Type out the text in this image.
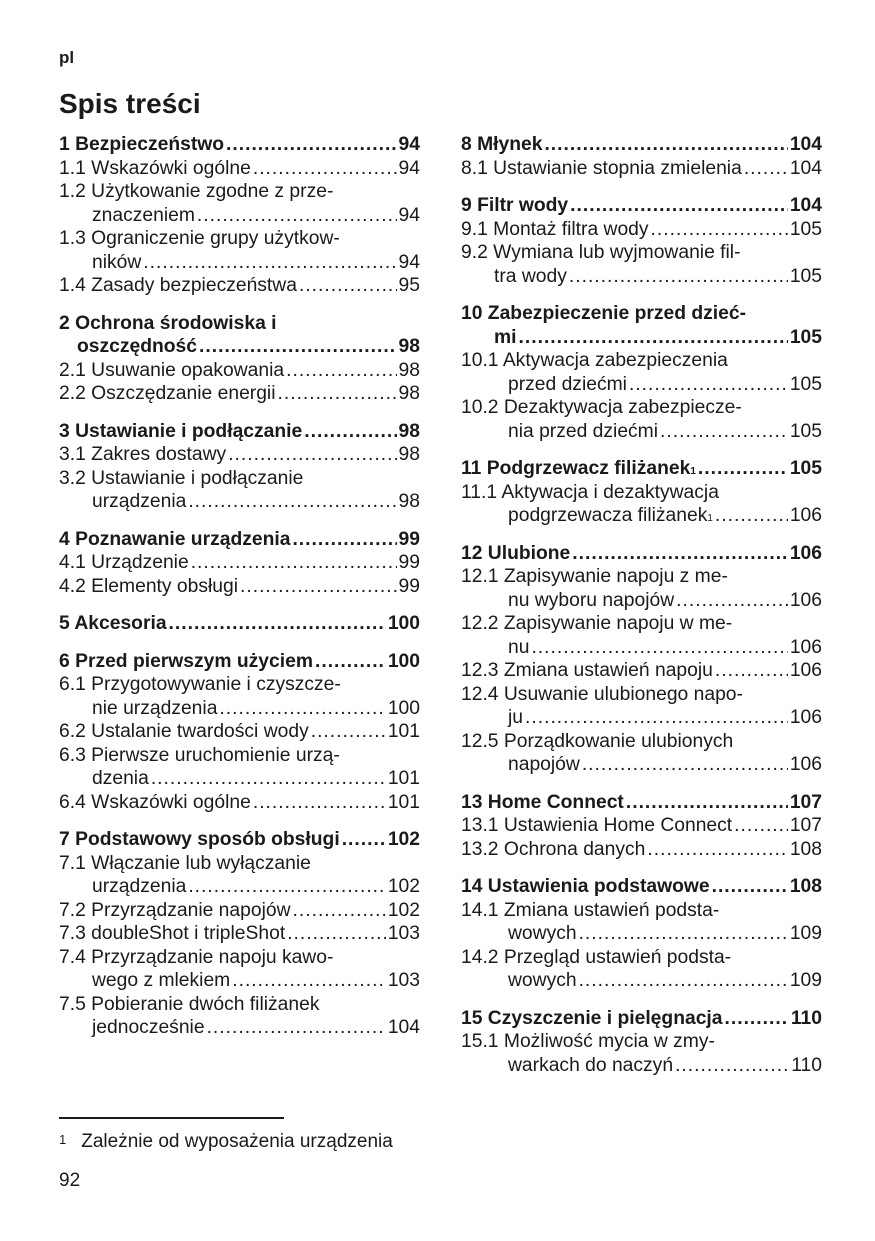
pl
Spis treści
1 Bezpieczeństwo .....	94
1.1 Wskazówki ogólne .....	94
1.2 Użytkowanie zgodne z prze-
znaczeniem .....	94
1.3 Ograniczenie grupy użytkow-
ników .....	94
1.4 Zasady bezpieczeństwa .....	95
2 Ochrona środowiska i
oszczędność .....	98
2.1 Usuwanie opakowania .....	98
2.2 Oszczędzanie energii .....	98
3 Ustawianie i podłączanie .....	98
3.1 Zakres dostawy .....	98
3.2 Ustawianie i podłączanie
urządzenia .....	98
4 Poznawanie urządzenia .....	99
4.1 Urządzenie .....	99
4.2 Elementy obsługi .....	99
5 Akcesoria .....	100
6 Przed pierwszym użyciem .....	100
6.1 Przygotowywanie i czyszcze-
nie urządzenia .....	100
6.2 Ustalanie twardości wody .....	101
6.3 Pierwsze uruchomienie urzą-
dzenia .....	101
6.4 Wskazówki ogólne .....	101
7 Podstawowy sposób obsługi ..... 102
7.1 Włączanie lub wyłączanie
urządzenia .....	102
7.2 Przyrządzanie napojów .....	102
7.3 doubleShot i tripleShot .....	103
7.4 Przyrządzanie napoju kawo-
wego z mlekiem .....	103
7.5 Pobieranie dwóch filiżanek
jednocześnie .....	104
8 Młynek .....	104
8.1 Ustawianie stopnia zmielenia ..... 104
9 Filtr wody .....	104
9.1 Montaż filtra wody .....	105
9.2 Wymiana lub wyjmowanie fil-
tra wody .....	105
10 Zabezpieczenie przed dzieć-
mi .....	105
10.1 Aktywacja zabezpieczenia
przed dziećmi .....	105
10.2 Dezaktywacja zabezpiecze-
nia przed dziećmi .....	105
11 Podgrzewacz filiżanek 1 .....	105
11.1 Aktywacja i dezaktywacja
podgrzewacza filiżanek 1 .....	106
12 Ulubione .....	106
12.1 Zapisywanie napoju z me-
nu wyboru napojów .....	106
12.2 Zapisywanie napoju w me-
nu .....	106
12.3 Zmiana ustawień napoju .....	106
12.4 Usuwanie ulubionego napo-
ju .....	106
12.5 Porządkowanie ulubionych
napojów .....	106
13 Home Connect .....	107
13.1 Ustawienia Home Connect .....	107
13.2 Ochrona danych .....	108
14 Ustawienia podstawowe .....	108
14.1 Zmiana ustawień podsta-
wowych .....	109
14.2 Przegląd ustawień podsta-
wowych .....	109
15 Czyszczenie i pielęgnacja .....	110
15.1 Możliwość mycia w zmy-
warkach do naczyń .....	110
1 Zależnie od wyposażenia urządzenia
92
